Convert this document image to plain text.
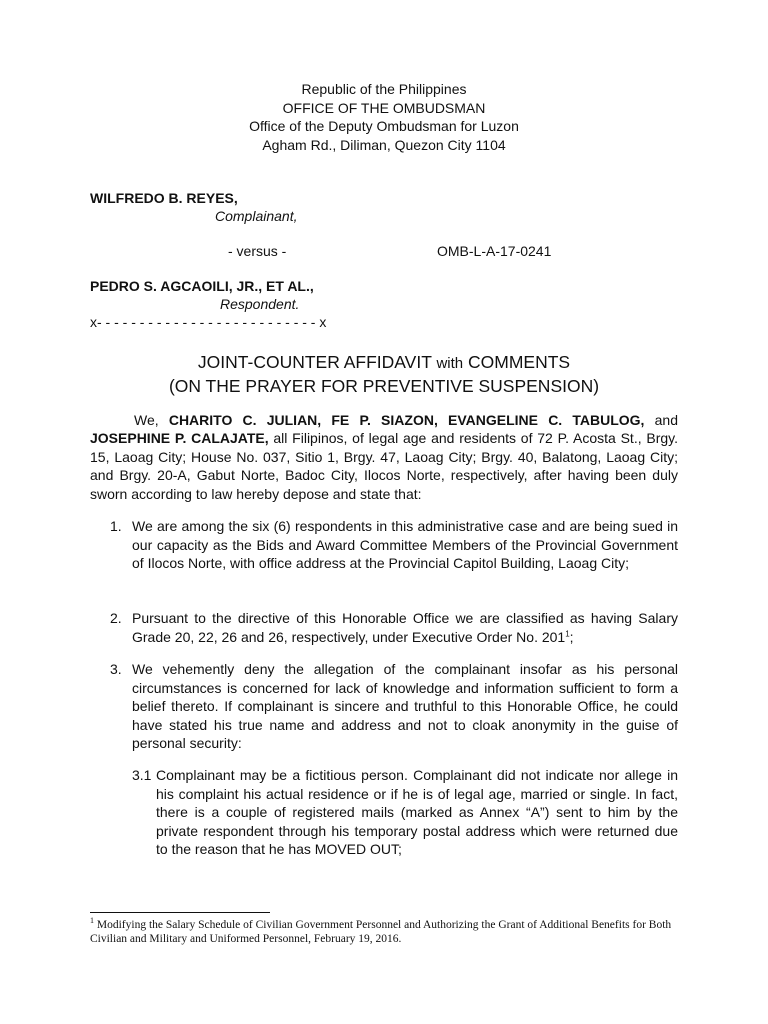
Republic of the Philippines
OFFICE OF THE OMBUDSMAN
Office of the Deputy Ombudsman for Luzon
Agham Rd., Diliman, Quezon City 1104
WILFREDO B. REYES,
Complainant,
- versus -	OMB-L-A-17-0241
PEDRO S. AGCAOILI, JR., ET AL.,
Respondent.
x- - - - - - - - - - - - - - - - - - - - - - - - - - x
JOINT-COUNTER AFFIDAVIT with COMMENTS
(ON THE PRAYER FOR PREVENTIVE SUSPENSION)
We, CHARITO C. JULIAN, FE P. SIAZON, EVANGELINE C. TABULOG, and JOSEPHINE P. CALAJATE, all Filipinos, of legal age and residents of 72 P. Acosta St., Brgy. 15, Laoag City; House No. 037, Sitio 1, Brgy. 47, Laoag City; Brgy. 40, Balatong, Laoag City; and Brgy. 20-A, Gabut Norte, Badoc City, Ilocos Norte, respectively, after having been duly sworn according to law hereby depose and state that:
1. We are among the six (6) respondents in this administrative case and are being sued in our capacity as the Bids and Award Committee Members of the Provincial Government of Ilocos Norte, with office address at the Provincial Capitol Building, Laoag City;
2. Pursuant to the directive of this Honorable Office we are classified as having Salary Grade 20, 22, 26 and 26, respectively, under Executive Order No. $201^1$;
3. We vehemently deny the allegation of the complainant insofar as his personal circumstances is concerned for lack of knowledge and information sufficient to form a belief thereto. If complainant is sincere and truthful to this Honorable Office, he could have stated his true name and address and not to cloak anonymity in the guise of personal security:
3.1 Complainant may be a fictitious person. Complainant did not indicate nor allege in his complaint his actual residence or if he is of legal age, married or single. In fact, there is a couple of registered mails (marked as Annex “A”) sent to him by the private respondent through his temporary postal address which were returned due to the reason that he has MOVED OUT;
$^1$ Modifying the Salary Schedule of Civilian Government Personnel and Authorizing the Grant of Additional Benefits for Both Civilian and Military and Uniformed Personnel, February 19, 2016.
